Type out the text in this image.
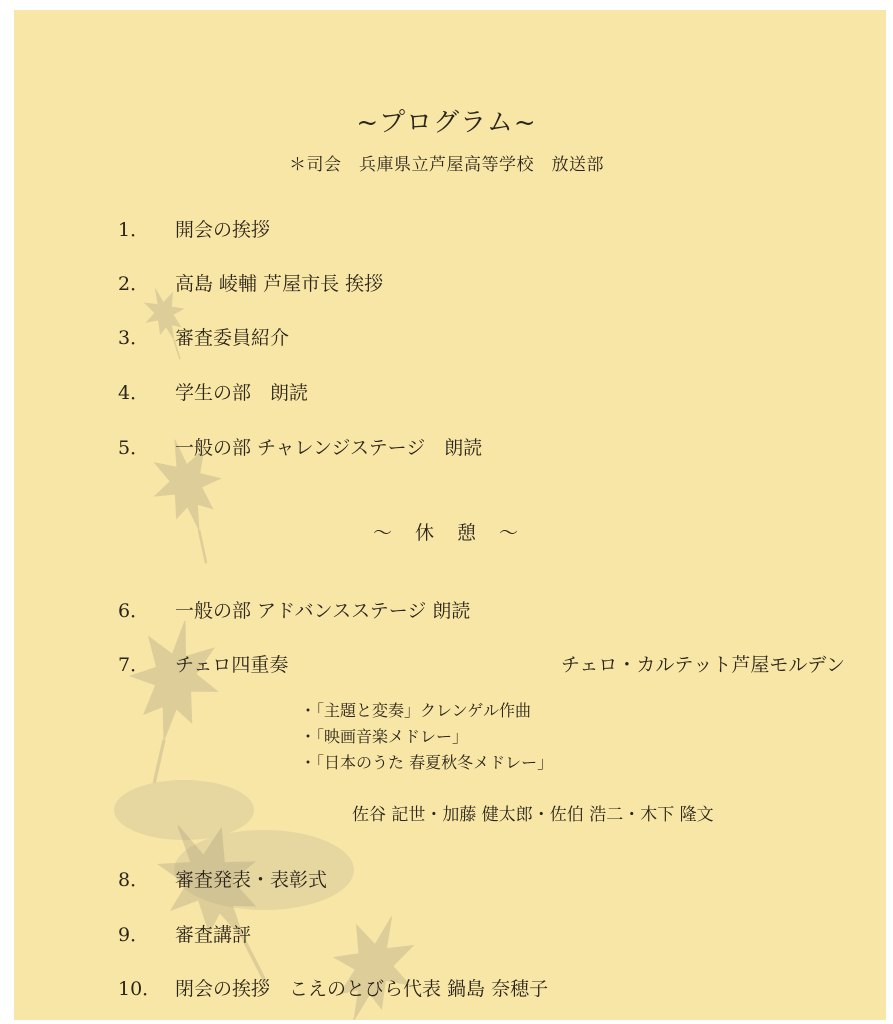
~プログラム~
＊司会　兵庫県立芦屋高等学校　放送部
1． 開会の挨拶
2． 高島 崚輔 芦屋市長 挨拶
3． 審査委員紹介
4． 学生の部　朗読
5． 一般の部 チャレンジステージ　朗読
～　休　憩　～
6． 一般の部 アドバンスステージ 朗読
7． チェロ四重奏	チェロ・カルテット芦屋モルデン
・「主題と変奏」クレンゲル作曲
・「映画音楽メドレー」
・「日本のうた 春夏秋冬メドレー」
佐谷 記世・加藤 健太郎・佐伯 浩二・木下 隆文
8． 審査発表・表彰式
9． 審査講評
10． 閉会の挨拶　こえのとびら代表 鍋島 奈穂子
